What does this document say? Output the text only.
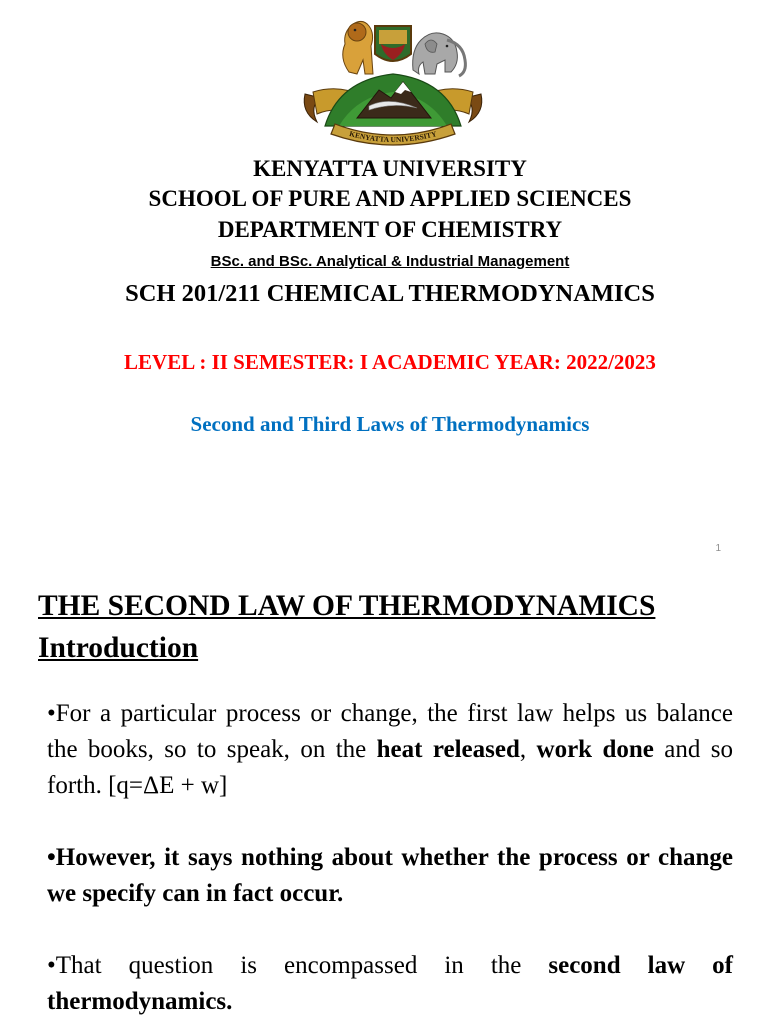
KENYATTA UNIVERSITY
KENYATTA UNIVERSITY
SCHOOL OF PURE AND APPLIED SCIENCES
DEPARTMENT OF CHEMISTRY
BSc. and BSc. Analytical & Industrial Management
SCH 201/211 CHEMICAL THERMODYNAMICS
LEVEL : II SEMESTER: I ACADEMIC YEAR: 2022/2023
Second and Third Laws of Thermodynamics
1
THE SECOND LAW OF THERMODYNAMICS
Introduction
•For a particular process or change, the first law helps us balance the books, so to speak, on the heat released, work done and so forth. [q=ΔE + w]
•However, it says nothing about whether the process or change we specify can in fact occur.
•That question is encompassed in the second law of thermodynamics.
